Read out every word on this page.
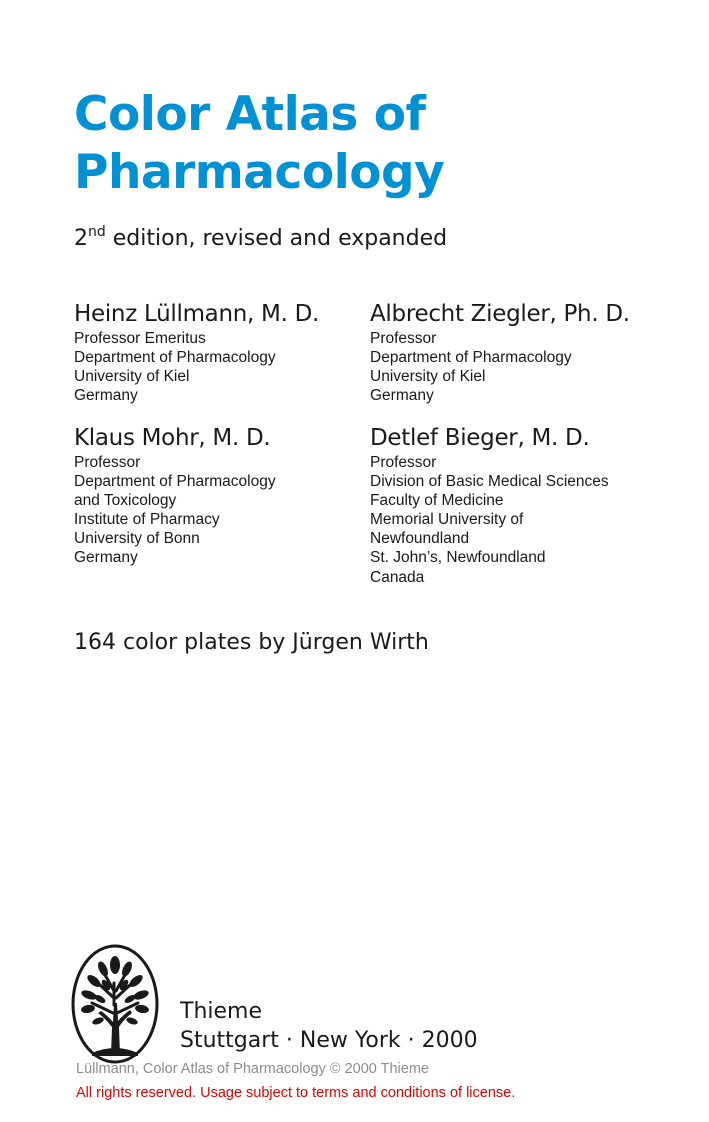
Color Atlas of
Pharmacology
2nd edition, revised and expanded
Heinz Lüllmann, M. D.
Professor Emeritus
Department of Pharmacology
University of Kiel
Germany
Albrecht Ziegler, Ph. D.
Professor
Department of Pharmacology
University of Kiel
Germany
Klaus Mohr, M. D.
Professor
Department of Pharmacology
and Toxicology
Institute of Pharmacy
University of Bonn
Germany
Detlef Bieger, M. D.
Professor
Division of Basic Medical Sciences
Faculty of Medicine
Memorial University of
Newfoundland
St. John’s, Newfoundland
Canada
164 color plates by Jürgen Wirth
Thieme
Stuttgart · New York · 2000
Lüllmann, Color Atlas of Pharmacology © 2000 Thieme
All rights reserved. Usage subject to terms and conditions of license.
